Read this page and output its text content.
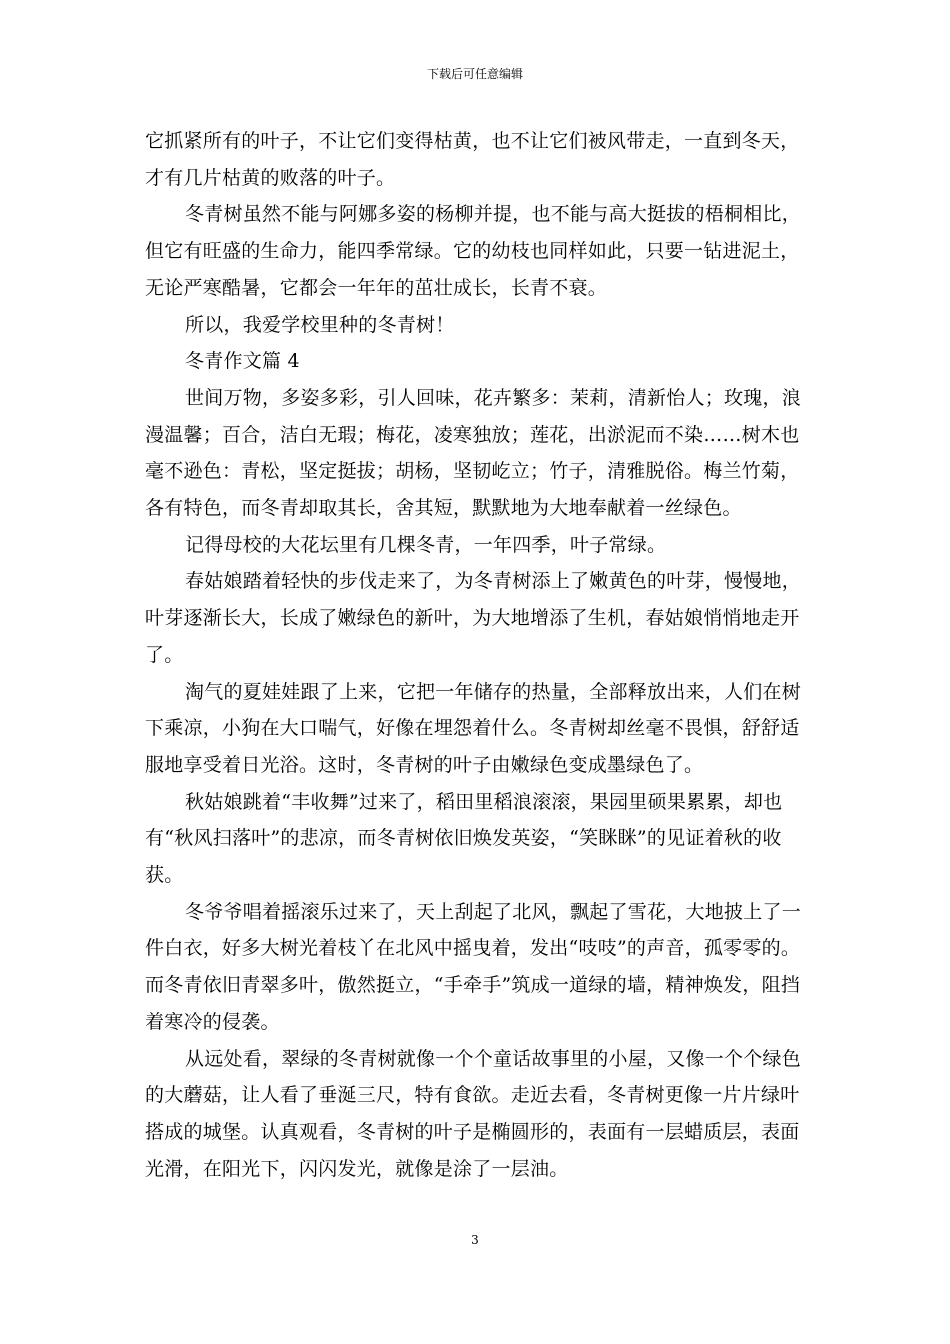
下载后可任意编辑

它抓紧所有的叶子，不让它们变得枯黄，也不让它们被风带走，一直到冬天，才有几片枯黄的败落的叶子。

冬青树虽然不能与阿娜多姿的杨柳并提，也不能与高大挺拔的梧桐相比，但它有旺盛的生命力，能四季常绿。它的幼枝也同样如此，只要一钻进泥土，无论严寒酷暑，它都会一年年的茁壮成长，长青不衰。

所以，我爱学校里种的冬青树！

冬青作文篇 4

世间万物，多姿多彩，引人回味，花卉繁多：茉莉，清新怡人；玫瑰，浪漫温馨；百合，洁白无瑕；梅花，凌寒独放；莲花，出淤泥而不染……树木也毫不逊色：青松，坚定挺拔；胡杨，坚韧屹立；竹子，清雅脱俗。梅兰竹菊，各有特色，而冬青却取其长，舍其短，默默地为大地奉献着一丝绿色。

记得母校的大花坛里有几棵冬青，一年四季，叶子常绿。

春姑娘踏着轻快的步伐走来了，为冬青树添上了嫩黄色的叶芽，慢慢地，叶芽逐渐长大，长成了嫩绿色的新叶，为大地增添了生机，春姑娘悄悄地走开了。

淘气的夏娃娃跟了上来，它把一年储存的热量，全部释放出来，人们在树下乘凉，小狗在大口喘气，好像在埋怨着什么。冬青树却丝毫不畏惧，舒舒适服地享受着日光浴。这时，冬青树的叶子由嫩绿色变成墨绿色了。

秋姑娘跳着“丰收舞”过来了，稻田里稻浪滚滚，果园里硕果累累，却也有“秋风扫落叶”的悲凉，而冬青树依旧焕发英姿，“笑眯眯”的见证着秋的收获。

冬爷爷唱着摇滚乐过来了，天上刮起了北风，飘起了雪花，大地披上了一件白衣，好多大树光着枝丫在北风中摇曳着，发出“吱吱”的声音，孤零零的。而冬青依旧青翠多叶，傲然挺立，“手牵手”筑成一道绿的墙，精神焕发，阻挡着寒冷的侵袭。

从远处看，翠绿的冬青树就像一个个童话故事里的小屋，又像一个个绿色的大蘑菇，让人看了垂涎三尺，特有食欲。走近去看，冬青树更像一片片绿叶搭成的城堡。认真观看，冬青树的叶子是椭圆形的，表面有一层蜡质层，表面光滑，在阳光下，闪闪发光，就像是涂了一层油。

3
